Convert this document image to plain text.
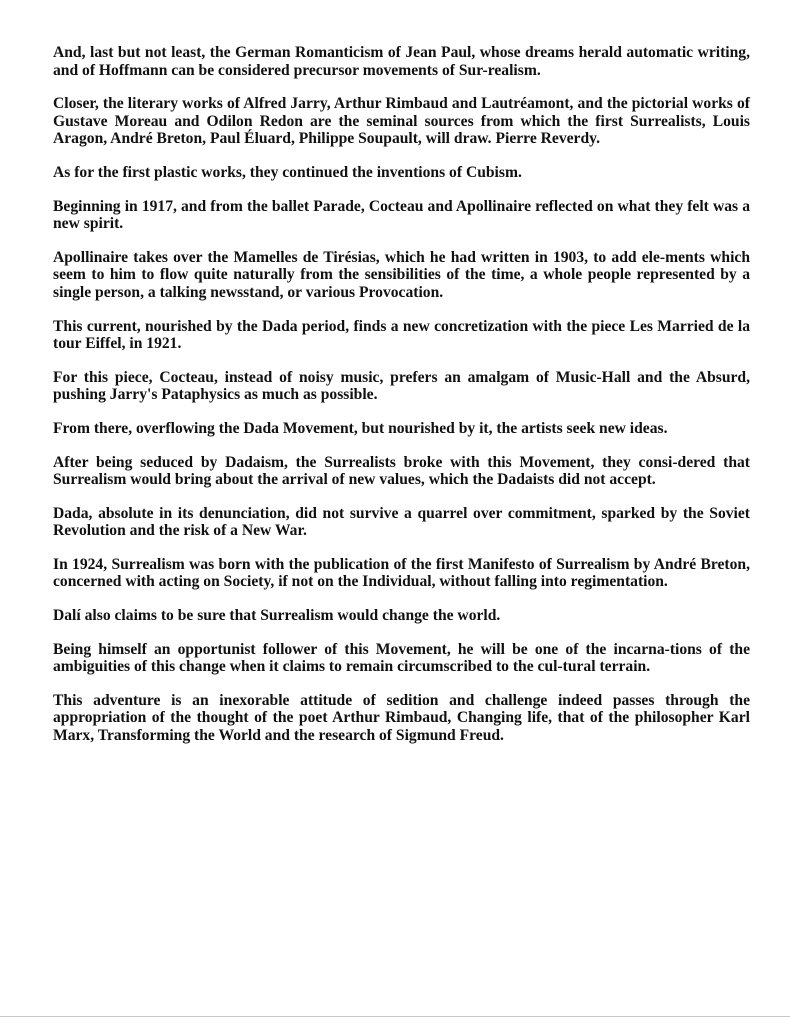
And, last but not least, the German Romanticism of Jean Paul, whose dreams herald automatic writing, and of Hoffmann can be considered precursor movements of Sur-realism.

Closer, the literary works of Alfred Jarry, Arthur Rimbaud and Lautréamont, and the pictorial works of Gustave Moreau and Odilon Redon are the seminal sources from which the first Surrealists, Louis Aragon, André Breton, Paul Éluard, Philippe Soupault, will draw. Pierre Reverdy.

As for the first plastic works, they continued the inventions of Cubism.

Beginning in 1917, and from the ballet Parade, Cocteau and Apollinaire reflected on what they felt was a new spirit.

Apollinaire takes over the Mamelles de Tirésias, which he had written in 1903, to add ele-ments which seem to him to flow quite naturally from the sensibilities of the time, a whole people represented by a single person, a talking newsstand, or various Provocation.

This current, nourished by the Dada period, finds a new concretization with the piece Les Married de la tour Eiffel, in 1921.

For this piece, Cocteau, instead of noisy music, prefers an amalgam of Music-Hall and the Absurd, pushing Jarry's Pataphysics as much as possible.

From there, overflowing the Dada Movement, but nourished by it, the artists seek new ideas.

After being seduced by Dadaism, the Surrealists broke with this Movement, they consi-dered that Surrealism would bring about the arrival of new values, which the Dadaists did not accept.

Dada, absolute in its denunciation, did not survive a quarrel over commitment, sparked by the Soviet Revolution and the risk of a New War.

In 1924, Surrealism was born with the publication of the first Manifesto of Surrealism by André Breton, concerned with acting on Society, if not on the Individual, without falling into regimentation.

Dalí also claims to be sure that Surrealism would change the world.

Being himself an opportunist follower of this Movement, he will be one of the incarna-tions of the ambiguities of this change when it claims to remain circumscribed to the cul-tural terrain.

This adventure is an inexorable attitude of sedition and challenge indeed passes through the appropriation of the thought of the poet Arthur Rimbaud, Changing life, that of the philosopher Karl Marx, Transforming the World and the research of Sigmund Freud.
